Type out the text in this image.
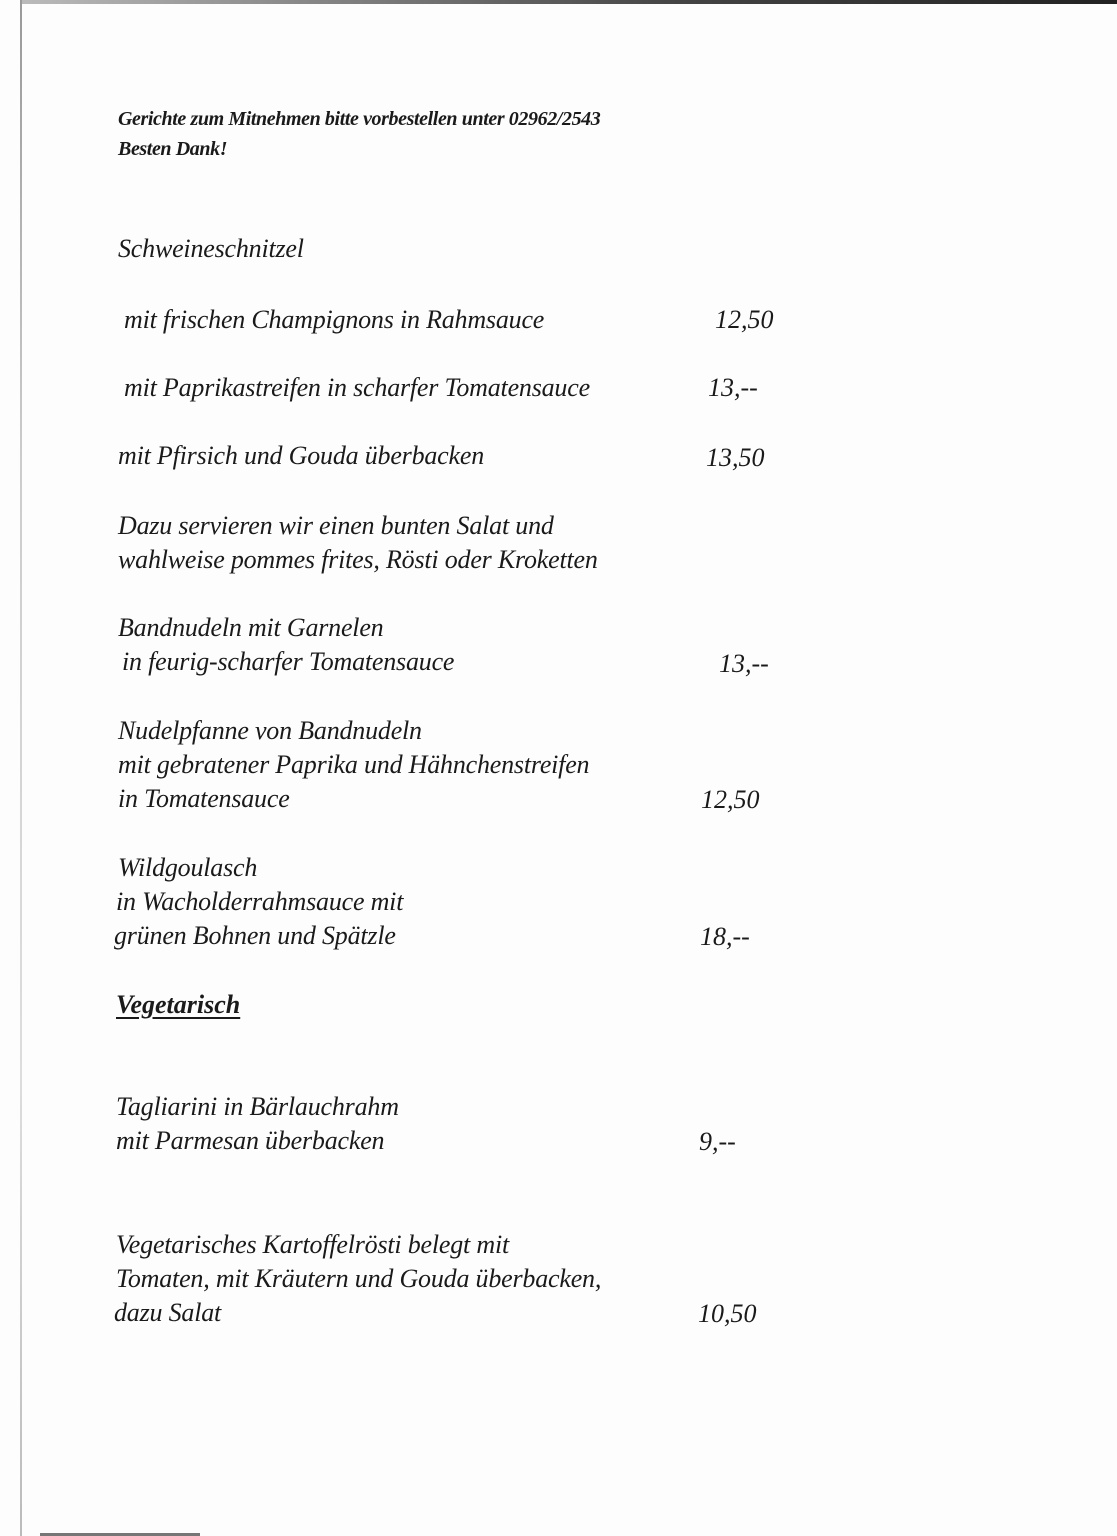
Gerichte zum Mitnehmen bitte vorbestellen unter 02962/2543
Besten Dank!
Schweineschnitzel
mit frischen Champignons in Rahmsauce	12,50
mit Paprikastreifen in scharfer Tomatensauce	13,--
mit Pfirsich und Gouda überbacken	13,50
Dazu servieren wir einen bunten Salat und
wahlweise pommes frites, Rösti oder Kroketten
Bandnudeln mit Garnelen
in feurig-scharfer Tomatensauce	13,--
Nudelpfanne von Bandnudeln
mit gebratener Paprika und Hähnchenstreifen
in Tomatensauce	12,50
Wildgoulasch
in Wacholderrahmsauce mit
grünen Bohnen und Spätzle	18,--
Vegetarisch
Tagliarini in Bärlauchrahm
mit Parmesan überbacken	9,--
Vegetarisches Kartoffelrösti belegt mit
Tomaten, mit Kräutern und Gouda überbacken,
dazu Salat	10,50
